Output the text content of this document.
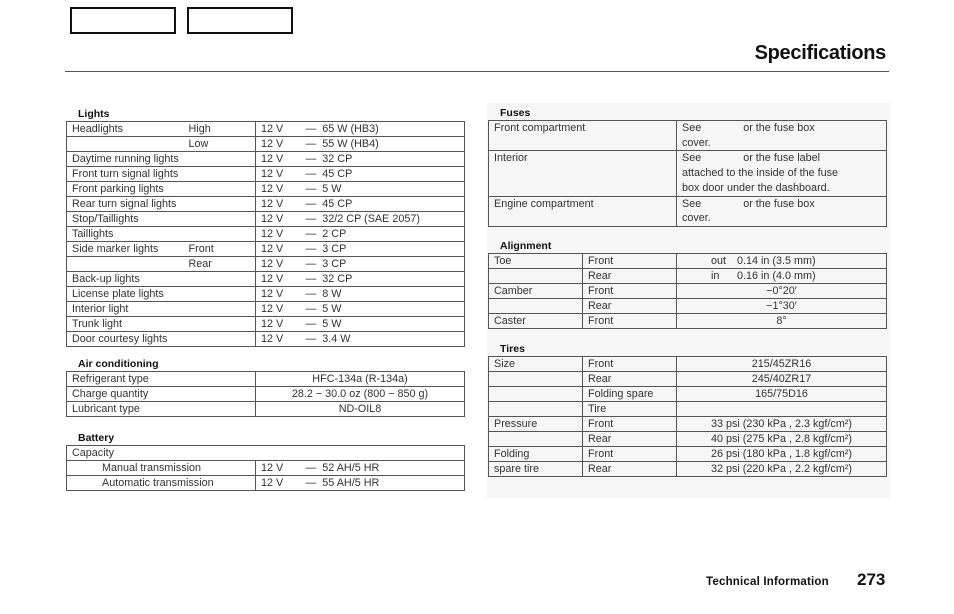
Specifications
Lights
Headlights	High	12 V	—  65 W (HB3)
	Low	12 V	—  55 W (HB4)
Daytime running lights		12 V	—  32 CP
Front turn signal lights		12 V	—  45 CP
Front parking lights		12 V	—  5 W
Rear turn signal lights		12 V	—  45 CP
Stop/Taillights		12 V	—  32/2 CP (SAE 2057)
Taillights		12 V	—  2 CP
Side marker lights	Front	12 V	—  3 CP
	Rear	12 V	—  3 CP
Back-up lights		12 V	—  32 CP
License plate lights		12 V	—  8 W
Interior light		12 V	—  5 W
Trunk light		12 V	—  5 W
Door courtesy lights		12 V	—  3.4 W
Air conditioning
Refrigerant type	HFC-134a (R-134a)
Charge quantity	28.2 − 30.0 oz (800 − 850 g)
Lubricant type	ND-OIL8
Battery
Capacity		
Manual transmission	12 V	—  52 AH/5 HR
Automatic transmission	12 V	—  55 AH/5 HR
Fuses
Front compartment	See              or the fuse box
cover.

Interior	See              or the fuse label
attached to the inside of the fuse
box door under the dashboard.

Engine compartment	See              or the fuse box
cover.
Alignment
Toe	Front	out 0.14 in (3.5 mm)
	Rear	in 0.16 in (4.0 mm)
Camber	Front	−0°20′
	Rear	−1°30′
Caster	Front	8°
Tires
Size	Front	215/45ZR16
	Rear	245/40ZR17
	Folding spare	165/75D16
	Tire	
Pressure	Front	33 psi (230 kPa , 2.3 kgf/cm²)
	Rear	40 psi (275 kPa , 2.8 kgf/cm²)
Folding	Front	26 psi (180 kPa , 1.8 kgf/cm²)
spare tire	Rear	32 psi (220 kPa , 2.2 kgf/cm²)
Technical Information 273
